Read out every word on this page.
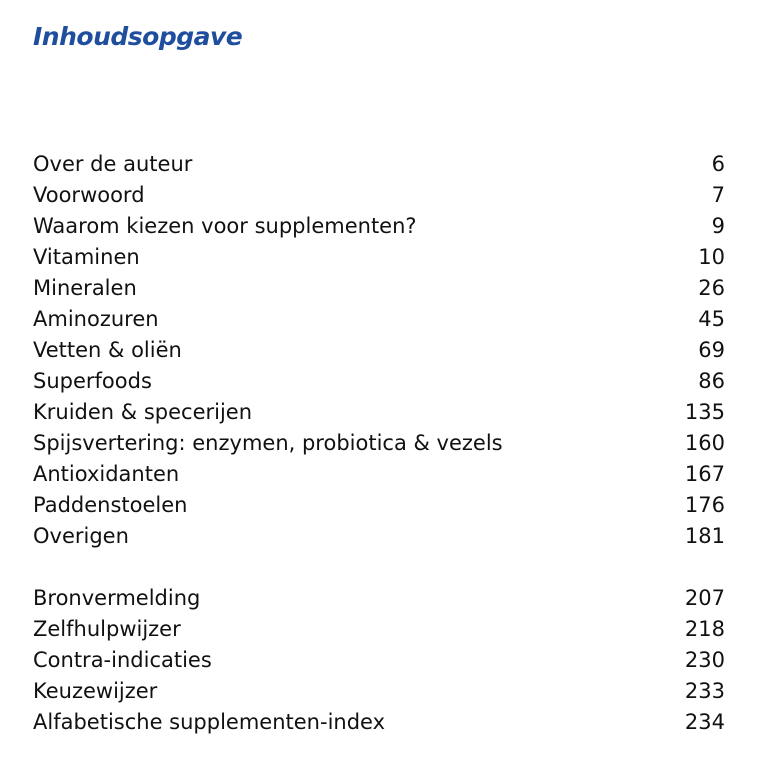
Inhoudsopgave
Over de auteur	6
Voorwoord	7
Waarom kiezen voor supplementen?	9
Vitaminen	10
Mineralen	26
Aminozuren	45
Vetten & oliën	69
Superfoods	86
Kruiden & specerijen	135
Spijsvertering: enzymen, probiotica & vezels	160
Antioxidanten	167
Paddenstoelen	176
Overigen	181
Bronvermelding	207
Zelfhulpwijzer	218
Contra-indicaties	230
Keuzewijzer	233
Alfabetische supplementen-index	234
